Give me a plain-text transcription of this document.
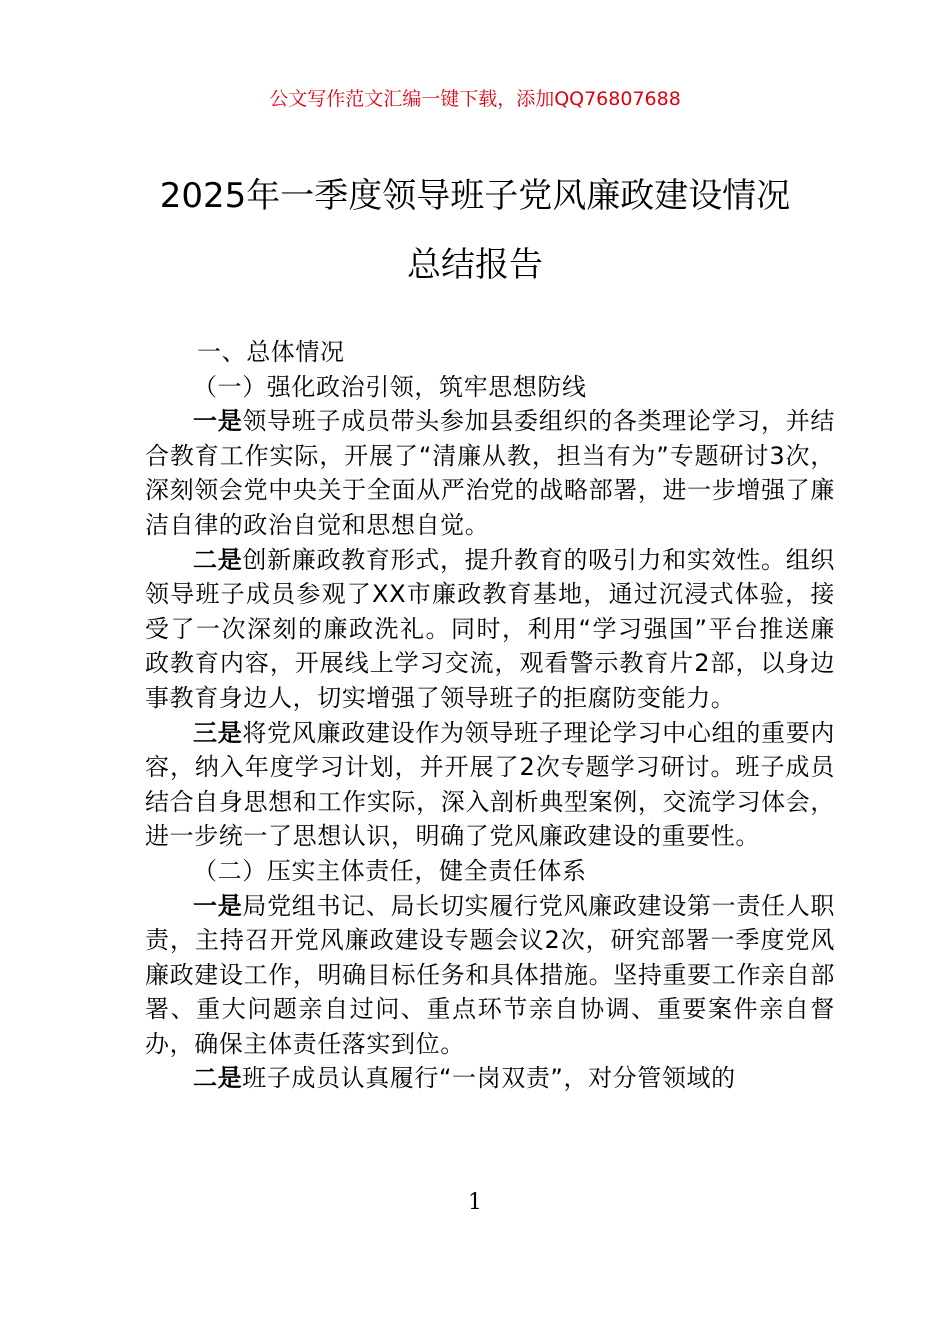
公文写作范文汇编一键下载，添加QQ76807688
2025年一季度领导班子党风廉政建设情况
总结报告

一、总体情况

（一）强化政治引领，筑牢思想防线

一是领导班子成员带头参加县委组织的各类理论学习，并结合教育工作实际，开展了“清廉从教，担当有为”专题研讨3次，深刻领会党中央关于全面从严治党的战略部署，进一步增强了廉洁自律的政治自觉和思想自觉。

二是创新廉政教育形式，提升教育的吸引力和实效性。组织领导班子成员参观了XX市廉政教育基地，通过沉浸式体验，接受了一次深刻的廉政洗礼。同时，利用“学习强国”平台推送廉政教育内容，开展线上学习交流，观看警示教育片2部，以身边事教育身边人，切实增强了领导班子的拒腐防变能力。

三是将党风廉政建设作为领导班子理论学习中心组的重要内容，纳入年度学习计划，并开展了2次专题学习研讨。班子成员结合自身思想和工作实际，深入剖析典型案例，交流学习体会，进一步统一了思想认识，明确了党风廉政建设的重要性。

（二）压实主体责任，健全责任体系

一是局党组书记、局长切实履行党风廉政建设第一责任人职责，主持召开党风廉政建设专题会议2次，研究部署一季度党风廉政建设工作，明确目标任务和具体措施。坚持重要工作亲自部署、重大问题亲自过问、重点环节亲自协调、重要案件亲自督办，确保主体责任落实到位。

二是班子成员认真履行“一岗双责”，对分管领域的

1
